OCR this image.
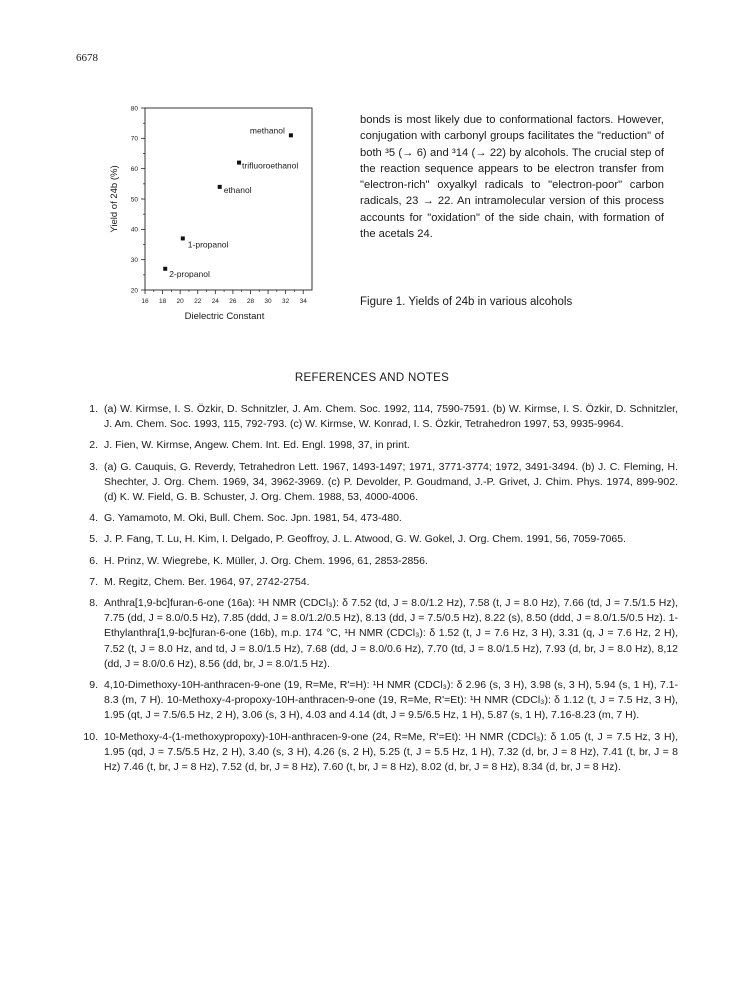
6678
16 18 20 22 24 26 28 30 32 34
20
30
40
50
60
70
80
Dielectric Constant
Yield of 24b (%)
methanol
trifluoroethanol
ethanol
1-propanol
2-propanol

bonds is most likely due to conformational factors. However, conjugation with carbonyl groups facilitates the "reduction" of both ³5 (→ 6) and ³14 (→ 22) by alcohols. The crucial step of the reaction sequence appears to be electron transfer from "electron-rich" oxyalkyl radicals to "electron-poor" carbon radicals, 23 → 22. An intramolecular version of this process accounts for "oxidation" of the side chain, with formation of the acetals 24.

Figure 1. Yields of 24b in various alcohols
REFERENCES AND NOTES
1. (a) W. Kirmse, I. S. Özkir, D. Schnitzler, J. Am. Chem. Soc. 1992, 114, 7590-7591. (b) W. Kirmse, I. S. Özkir, D. Schnitzler, J. Am. Chem. Soc. 1993, 115, 792-793. (c) W. Kirmse, W. Konrad, I. S. Özkir, Tetrahedron 1997, 53, 9935-9964.
2. J. Fien, W. Kirmse, Angew. Chem. Int. Ed. Engl. 1998, 37, in print.
3. (a) G. Cauquis, G. Reverdy, Tetrahedron Lett. 1967, 1493-1497; 1971, 3771-3774; 1972, 3491-3494. (b) J. C. Fleming, H. Shechter, J. Org. Chem. 1969, 34, 3962-3969. (c) P. Devolder, P. Goudmand, J.-P. Grivet, J. Chim. Phys. 1974, 899-902. (d) K. W. Field, G. B. Schuster, J. Org. Chem. 1988, 53, 4000-4006.
4. G. Yamamoto, M. Oki, Bull. Chem. Soc. Jpn. 1981, 54, 473-480.
5. J. P. Fang, T. Lu, H. Kim, I. Delgado, P. Geoffroy, J. L. Atwood, G. W. Gokel, J. Org. Chem. 1991, 56, 7059-7065.
6. H. Prinz, W. Wiegrebe, K. Müller, J. Org. Chem. 1996, 61, 2853-2856.
7. M. Regitz, Chem. Ber. 1964, 97, 2742-2754.
8. Anthra[1,9-bc]furan-6-one (16a): ¹H NMR (CDCl₃): δ 7.52 (td, J = 8.0/1.2 Hz), 7.58 (t, J = 8.0 Hz), 7.66 (td, J = 7.5/1.5 Hz), 7.75 (dd, J = 8.0/0.5 Hz), 7.85 (ddd, J = 8.0/1.2/0.5 Hz), 8.13 (dd, J = 7.5/0.5 Hz), 8.22 (s), 8.50 (ddd, J = 8.0/1.5/0.5 Hz). 1-Ethylanthra[1,9-bc]furan-6-one (16b), m.p. 174 °C, ¹H NMR (CDCl₃): δ 1.52 (t, J = 7.6 Hz, 3 H), 3.31 (q, J = 7.6 Hz, 2 H), 7.52 (t, J = 8.0 Hz, and td, J = 8.0/1.5 Hz), 7.68 (dd, J = 8.0/0.6 Hz), 7.70 (td, J = 8.0/1.5 Hz), 7.93 (d, br, J = 8.0 Hz), 8,12 (dd, J = 8.0/0.6 Hz), 8.56 (dd, br, J = 8.0/1.5 Hz).
9. 4,10-Dimethoxy-10H-anthracen-9-one (19, R=Me, R'=H): ¹H NMR (CDCl₃): δ 2.96 (s, 3 H), 3.98 (s, 3 H), 5.94 (s, 1 H), 7.1-8.3 (m, 7 H). 10-Methoxy-4-propoxy-10H-anthracen-9-one (19, R=Me, R'=Et): ¹H NMR (CDCl₃): δ 1.12 (t, J = 7.5 Hz, 3 H), 1.95 (qt, J = 7.5/6.5 Hz, 2 H), 3.06 (s, 3 H), 4.03 and 4.14 (dt, J = 9.5/6.5 Hz, 1 H), 5.87 (s, 1 H), 7.16-8.23 (m, 7 H).
10. 10-Methoxy-4-(1-methoxypropoxy)-10H-anthracen-9-one (24, R=Me, R'=Et): ¹H NMR (CDCl₃): δ 1.05 (t, J = 7.5 Hz, 3 H), 1.95 (qd, J = 7.5/5.5 Hz, 2 H), 3.40 (s, 3 H), 4.26 (s, 2 H), 5.25 (t, J = 5.5 Hz, 1 H), 7.32 (d, br, J = 8 Hz), 7.41 (t, br, J = 8 Hz) 7.46 (t, br, J = 8 Hz), 7.52 (d, br, J = 8 Hz), 7.60 (t, br, J = 8 Hz), 8.02 (d, br, J = 8 Hz), 8.34 (d, br, J = 8 Hz).
